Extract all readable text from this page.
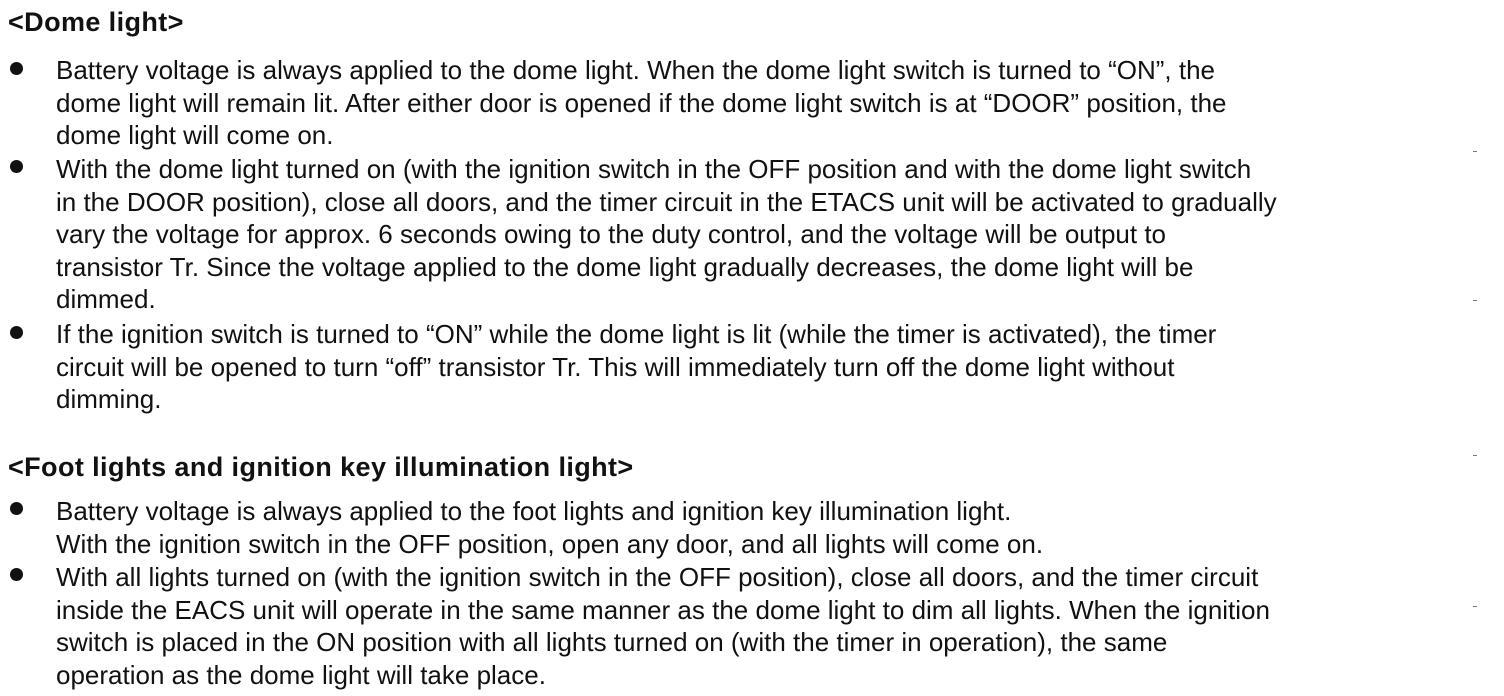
<Dome light>
Battery voltage is always applied to the dome light. When the dome light switch is turned to “ON”, the
dome light will remain lit. After either door is opened if the dome light switch is at “DOOR” position, the
dome light will come on.
With the dome light turned on (with the ignition switch in the OFF position and with the dome light switch
in the DOOR position), close all doors, and the timer circuit in the ETACS unit will be activated to gradually
vary the voltage for approx. 6 seconds owing to the duty control, and the voltage will be output to
transistor Tr. Since the voltage applied to the dome light gradually decreases, the dome light will be
dimmed.
If the ignition switch is turned to “ON” while the dome light is lit (while the timer is activated), the timer
circuit will be opened to turn “off” transistor Tr. This will immediately turn off the dome light without
dimming.
<Foot lights and ignition key illumination light>
Battery voltage is always applied to the foot lights and ignition key illumination light.
With the ignition switch in the OFF position, open any door, and all lights will come on.
With all lights turned on (with the ignition switch in the OFF position), close all doors, and the timer circuit
inside the EACS unit will operate in the same manner as the dome light to dim all lights. When the ignition
switch is placed in the ON position with all lights turned on (with the timer in operation), the same
operation as the dome light will take place.
